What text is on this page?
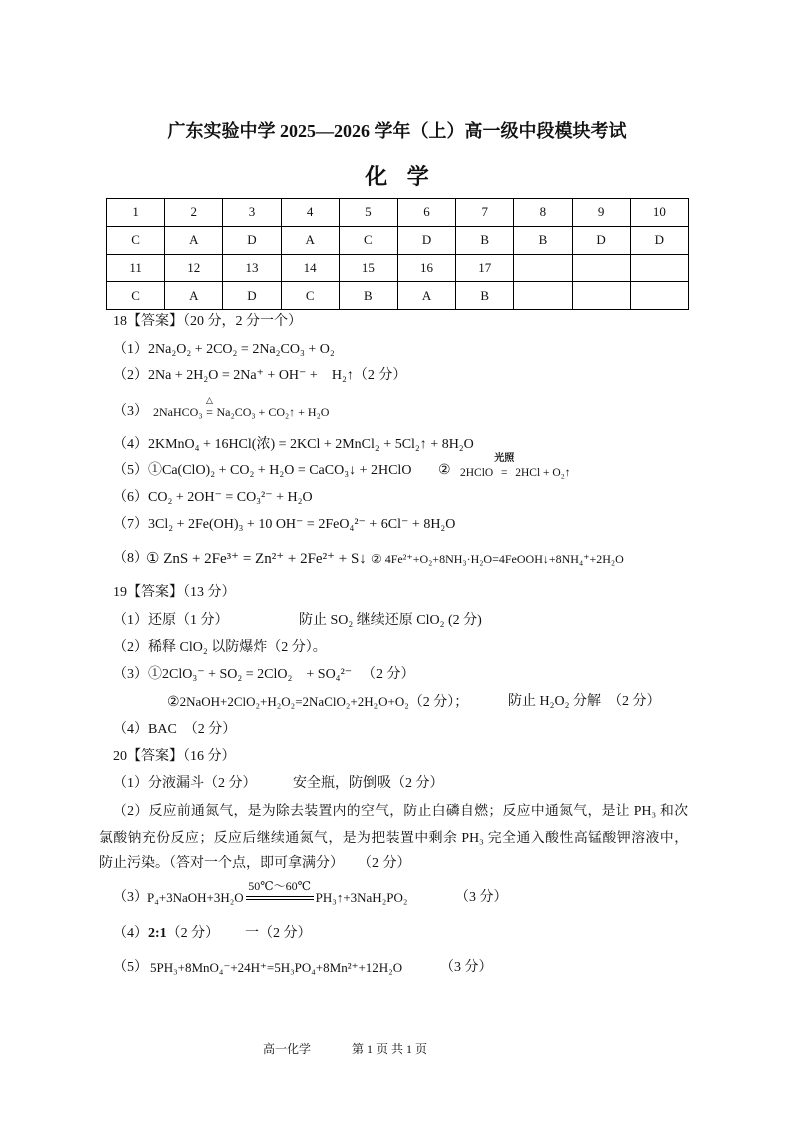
广东实验中学 2025—2026 学年（上）高一级中段模块考试
化 学
1	2	3	4	5	6	7	8	9	10
C	A	D	A	C	D	B	B	D	D
11	12	13	14	15	16	17			
C	A	D	C	B	A	B			
18【答案】（20 分，2 分一个）
（1）2Na₂O₂ + 2CO₂ = 2Na₂CO₃ + O₂
（2）2Na + 2H₂O = 2Na⁺ + OH⁻ +　H₂↑（2 分）
（3） 2NaHCO₃
△
= Na₂CO₃ + CO₂↑ + H₂O
（4）2KMnO₄ + 16HCl(浓) = 2KCl + 2MnCl₂ + 5Cl₂↑ + 8H₂O
（5）①Ca(ClO)₂ + CO₂ + H₂O = CaCO₃↓ + 2HClO ② 2HClO
光照
= 2HCl + O₂↑
（6）CO₂ + 2OH⁻ = CO₃²⁻ + H₂O
（7）3Cl₂ + 2Fe(OH)₃ + 10 OH⁻ = 2FeO₄²⁻ + 6Cl⁻ + 8H₂O
（8）
① ZnS + 2Fe³⁺ = Zn²⁺ + 2Fe²⁺ + S↓ ② 4Fe²⁺+O₂+8NH₃·H₂O=4FeOOH↓+8NH₄⁺+2H₂O
19【答案】（13 分）
（1）还原（1 分）	防止 SO₂ 继续还原 ClO₂ (2 分)
（2）稀释 ClO₂ 以防爆炸（2 分）。
（3）①2ClO₃⁻ + SO₂ = 2ClO₂　+ SO₄²⁻ （2 分）
②2NaOH+2ClO₂+H₂O₂=2NaClO₂+2H₂O+O₂（2 分）；	防止 H₂O₂ 分解　（2 分）
（4）BAC　（2 分）
20【答案】（16 分）
（1）分液漏斗（2 分）	安全瓶，防倒吸（2 分）
（2）反应前通氮气，是为除去装置内的空气，防止白磷自燃；反应中通氮气，是让 PH₃ 和次
氯酸钠充份反应；反应后继续通氮气，是为把装置中剩余 PH₃ 完全通入酸性高锰酸钾溶液中，
防止污染。（答对一个点，即可拿满分） （2 分）
（3） P₄+3NaOH+3H₂O
50℃～60℃
PH₃↑+3NaH₂PO₂	（3 分）
（4）2:1（2 分） 一（2 分）
（5） 5PH₃+8MnO₄⁻+24H⁺=5H₃PO₄+8Mn²⁺+12H₂O	（3 分）
高一化学	第 1 页 共 1 页
